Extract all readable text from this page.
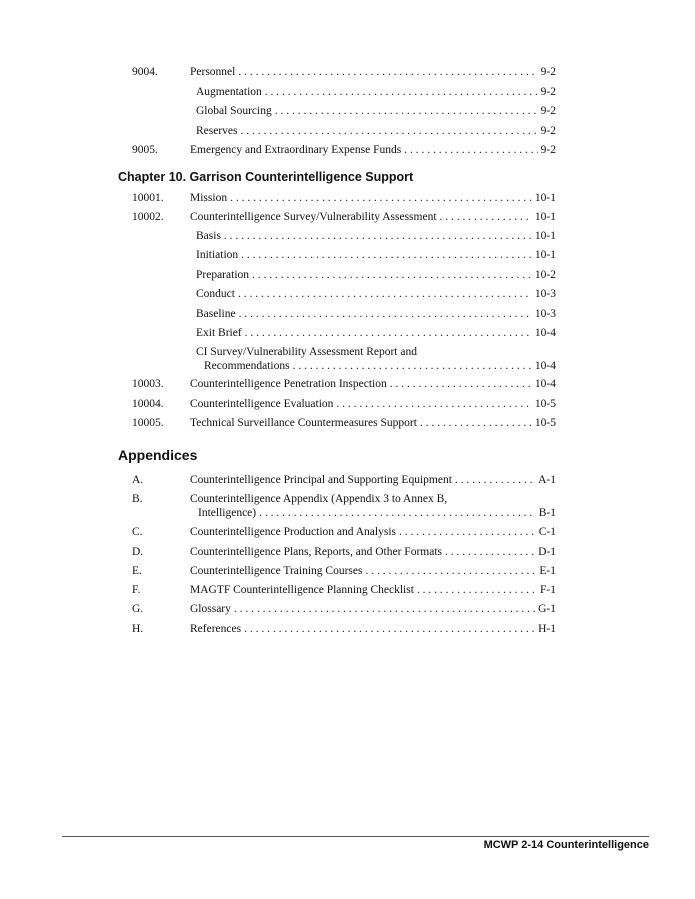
9004.	Personnel . . .	9-2
Augmentation . . .	9-2
Global Sourcing . . .	9-2
Reserves . . .	9-2
9005.	Emergency and Extraordinary Expense Funds . . .	9-2
Chapter 10. Garrison Counterintelligence Support
10001. Mission . . .	10-1
10002. Counterintelligence Survey/Vulnerability Assessment . . .	10-1
Basis . . .	10-1
Initiation . . .	10-1
Preparation . . .	10-2
Conduct . . .	10-3
Baseline . . .	10-3
Exit Brief . . .	10-4
CI Survey/Vulnerability Assessment Report and
Recommendations . . .	10-4
10003. Counterintelligence Penetration Inspection . . .	10-4
10004. Counterintelligence Evaluation . . .	10-5
10005. Technical Surveillance Countermeasures Support . . .	10-5
Appendices
A.	Counterintelligence Principal and Supporting Equipment . . .	A-1
B.	Counterintelligence Appendix (Appendix 3 to Annex B,
Intelligence) . . .	B-1
C.	Counterintelligence Production and Analysis . . .	C-1
D.	Counterintelligence Plans, Reports, and Other Formats . . .	D-1
E.	Counterintelligence Training Courses . . .	E-1
F.	MAGTF Counterintelligence Planning Checklist . . .	F-1
G.	Glossary . . .	G-1
H.	References . . .	H-1
MCWP 2-14 Counterintelligence
